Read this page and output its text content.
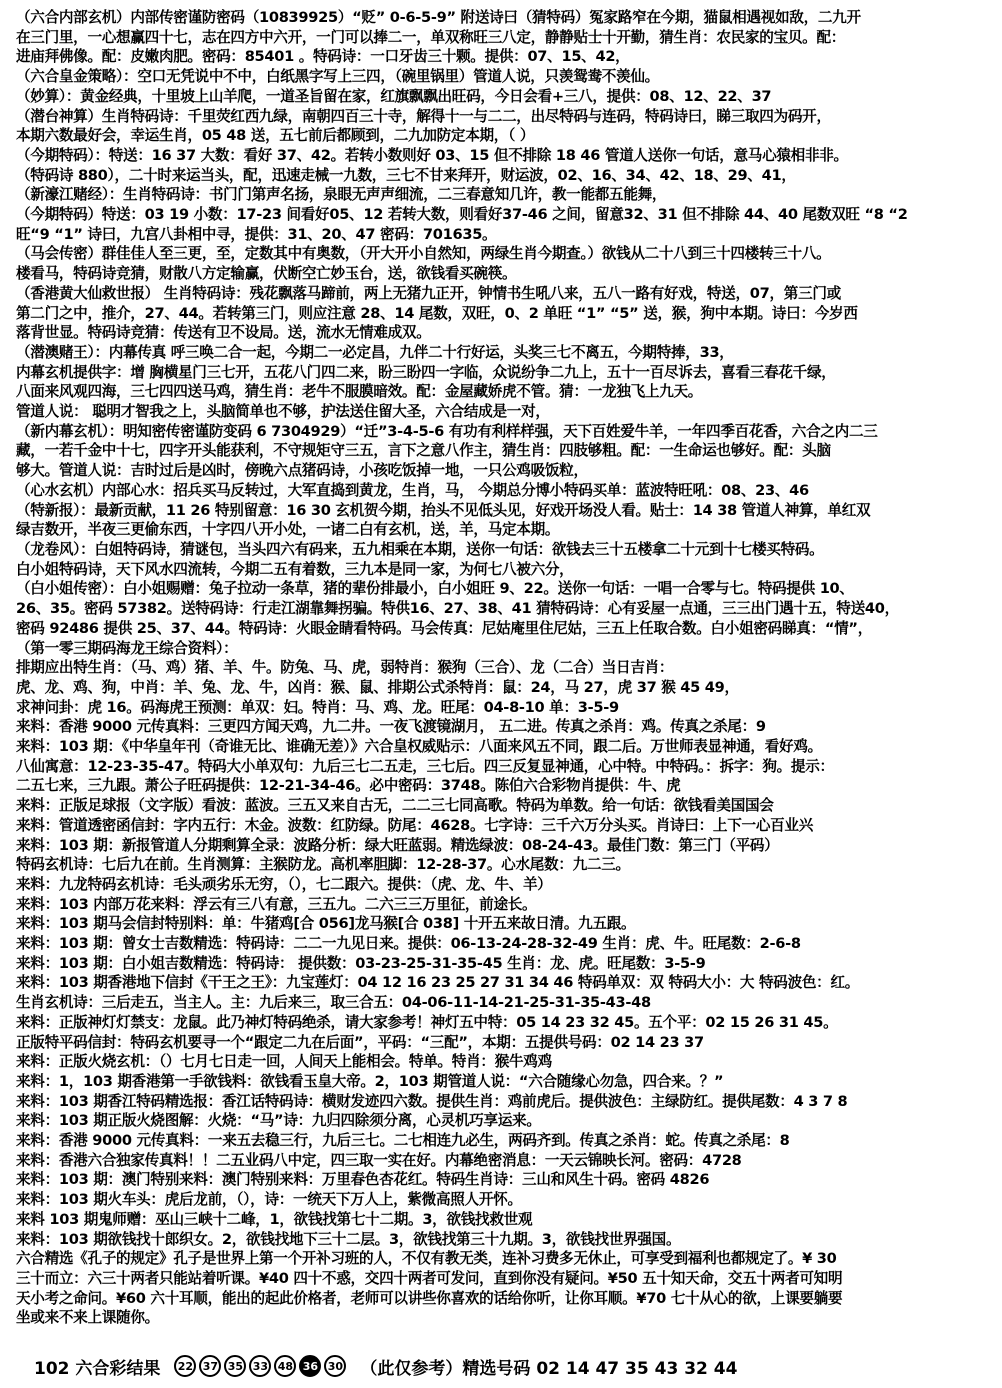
（六合内部玄机）内部传密谨防密码（10839925）“贬” 0-6-5-9” 附送诗曰（猜特码）冤家路窄在今期，猫鼠相遇视如敌，二九开
在三门里，一心想赢四十七，志在四方中六开，一门可以捧二一，单双称旺三八定，静静贴士十开勤，猜生肖：农民家的宝贝。配：
进庙拜佛像。配：皮嫩肉肥。密码：85401 。特码诗：一口牙齿三十颗。提供：07、15、42，
（六合皇金策略）：空口无凭说中不中，白纸黑字写上三四，（碗里锅里）管道人说，只羡鸳鸯不羡仙。
（妙算）：黄金经典，十里坡上山羊爬，一道圣旨留在家，红旗飘飘出旺码，今日会看+三八，提供：08、12、22、37
（潜台神算）生肖特码诗：千里荧红西九绿，南朝四百三十寺，解得十一与二二，出尽特码与连码，特码诗曰，睇三取四为码开，
本期六数最好会，幸运生肖，05 48 送，五七前后都顾到，二九加防定本期，（ ）
（今期特码）：特送：16 37 大数：看好 37、42。若转小数则好 03、15 但不排除 18 46 管道人送你一句话，意马心猿相非非。
（特码诗 880），二十时来运当头，配，迅速走械一九数，三七不甘来拜开，财运波，02、16、34、42、18、29、41，
（新濠江赌经）：生肖特码诗：书门门第声名扬，泉眼无声声细流，二三春意知几许，教一能都五能舞，
（今期特码）特送：03 19 小数：17-23 间看好05、12 若转大数，则看好37-46 之间，留意32、31 但不排除 44、40 尾数双旺 “8 “2
旺“9 “1” 诗曰，九宫八卦相中寻，提供：31、20、47 密码：701635。
（马会传密）群佳佳人至三更，至，定数其中有奥数，（开大开小自然知，两绿生肖今期查。）欲钱从二十八到三十四楼转三十八。
楼看马，特码诗竞猜，财散八方定输赢，伏断空亡妙玉台，送，欲钱看买碗筷。
（香港黄大仙救世报） 生肖特码诗：残花飘落马蹄前，两上无猪九正开，钟情书生吼八来，五八一路有好戏，特送，07，第三门或
第二门之中，推介，27、44。若转第三门，则应注意 28、14 尾数，双旺，0、2 单旺 “1” “5” 送，猴，狗中本期。诗曰：今岁西
落背世显。特码诗竞猜：传送有卫不设局。送，流水无情难成双。
（潜澳赌王）：内幕传真 呼三唤二合一起，今期二一必定昌，九伴二十行好运，头奖三七不离五，今期特捧，33，
内幕玄机提供字：增 胸横星门三七开，五花八门四二来，盼三盼四一字临，众说纷争二九上，五十一百尽诉去，喜看三春花千绿，
八面来风观四海，三七四四送马鸡，猜生肖：老牛不服膜暗效。配：金屋藏娇虎不管。猜：一龙独飞上九天。
管道人说： 聪明才智我之上，头脑简单也不够，护法送住留大圣，六合结成是一对，
（新内幕玄机）：明知密传密谨防变码 6 7304929）“迁”3-4-5-6 有功有利样样强，天下百姓爱牛羊，一年四季百花香，六合之内二三
藏，一若千金中十七，四字开头能获利，不守规矩守三五，言下之意八作主，猜生肖：四肢够粗。配：一生命运也够好。配：头脑
够大。管道人说：吉时过后是凶时，傍晚六点猪码诗，小孩吃饭掉一地，一只公鸡吸饭粒，
（心水玄机）内部心水：招兵买马反转过，大军直捣到黄龙，生肖，马， 今期总分博小特码买单：蓝波特旺吼：08、23、46
（特新报）：最新贡献，11 26 特别留意：16 30 玄机贺今期，抬头不见低头见，好戏开场没人看。贴士：14 38 管道人神算，单红双
绿吉数开，半夜三更偷东西，十字四八开小处，一诸二白有玄机，送，羊，马定本期。
（龙卷风）：白姐特码诗，猜谜包，当头四六有码来，五九相乘在本期，送你一句话：欲钱去三十五楼拿二十元到十七楼买特码。
白小姐特码诗，天下风水四流转，今期二五有着数，三九本是同一家，为何七八被六分，
（白小姐传密）：白小姐赐赠：兔子拉动一条草，猪的辈份排最小，白小姐旺 9、22。送你一句话：一唱一合零与七。特码提供 10、
26、35。密码 57382。送特码诗：行走江湖靠舞拐骗。特供16、27、38、41 猜特码诗：心有妥屋一点通，三三出门遇十五，特送40，
密码 92486 提供 25、37、44。特码诗：火眼金睛看特码。马会传真：尼姑庵里住尼姑，三五上任取合数。白小姐密码睇真：“情”，
（第一零三期码海龙王综合资料）：
排期应出特生肖：（马、鸡）猪、羊、牛。防兔、马、虎，弱特肖：猴狗（三合）、龙（二合）当日吉肖：
虎、龙、鸡、狗，中肖：羊、兔、龙、牛，凶肖：猴、鼠、排期公式杀特肖：鼠：24，马 27，虎 37 猴 45 49，
求神问卦：虎 16。码海虎王预测：单双：妇。特肖：马、鸡、龙。旺尾：04-8-10 单：3-5-9
来料：香港 9000 元传真料：三更四方闻天鸡，九二井。一夜飞渡镜湖月， 五二进。传真之杀肖：鸡。传真之杀尾：9
来料：103 期：《中华皇年刊（奇谁无比、谁确无差）》六合皇权威贴示：八面来风五不同，跟二后。万世师表显神通，看好鸡。
八仙寓意：12-23-35-47。特码大小单双句：九后三七二五走，三七后。四三反复显神通，心中特。中特码。：拆字：狗。提示：
二五七来，三九跟。萧公子旺码提供：12-21-34-46。必中密码：3748。陈伯六合彩物肖提供：牛、虎
来料：正版足球报（文字版）看波：蓝波。三五又来自古无，二二三七同高歌。特码为单数。给一句话：欲钱看美国国会
来料：管道透密函信封：字内五行：木金。波数：红防绿。防尾：4628。七字诗：三千六万分头买。肖诗曰：上下一心百业兴
来料：103 期：新报管道人分期剩算全录：波路分析：绿大旺蓝弱。精选绿波：08-24-43。最佳门数：第三门（平码）
特码玄机诗：七后九在前。生肖测算：主猴防龙。高机率胆脚：12-28-37。心水尾数：九二三。
来料：九龙特码玄机诗：毛头顽劣乐无穷，（），七二跟六。提供：（虎、龙、牛、羊）
来料：103 内部万花来料：浮云有三八有意，三五九。二六三三万里征，前途长。
来料：103 期马会信封特别料：单：牛猪鸡[合 056]龙马猴[合 038] 十开五来故日清。九五跟。
来料：103 期：曾女士吉数精选：特码诗：二二一九见日来。提供：06-13-24-28-32-49 生肖：虎、牛。旺尾数：2-6-8
来料：103 期：白小姐吉数精选：特码诗： 提供数：03-23-25-31-35-45 生肖：龙、虎。旺尾数：3-5-9
来料：103 期香港地下信封《干王之王》：九宝莲灯：04 12 16 23 25 27 31 34 46 特码单双：双 特码大小：大 特码波色：红。
生肖玄机诗：三后走五，当主人。主：九后来三，取三合五：04-06-11-14-21-25-31-35-43-48
来料：正版神灯灯禁支：龙鼠。此乃神灯特码绝杀，请大家参考！神灯五中特：05 14 23 32 45。五个平：02 15 26 31 45。
正版特平码信封：特码玄机要寻一个“跟定二九在后面”，平码：“三配”，本期：五提供号码：02 14 23 37
来料：正版火烧玄机：（）七月七日走一回，人间天上能相会。特单。特肖：猴牛鸡鸡
来料：1，103 期香港第一手欲钱料：欲钱看玉皇大帝。2，103 期管道人说：“六合随缘心勿急，四合来。？”
来料：103 期香江特码精选报：香江话特码诗：横财发迹四六数。提供生肖：鸡前虎后。提供波色：主绿防红。提供尾数：4 3 7 8
来料：103 期正版火烧图解：火烧：“马”诗：九归四除须分离，心灵机巧享运来。
来料：香港 9000 元传真料：一来五去稳三行，九后三七。二七相连九必生，两码齐到。传真之杀肖：蛇。传真之杀尾：8
来料：香港六合独家传真料！！二五业码八中定，四三取一实在好。内幕绝密消息：一天云锦映长河。密码：4728
来料：103 期：澳门特别来料：澳门特别来料：万里春色杏花红。特码生肖诗：三山和风生十码。密码 4826
来料：103 期火车头：虎后龙前，（），诗：一统天下万人上，紫微高照人开怀。
来料 103 期鬼师赠：巫山三峡十二峰，1，欲钱找第七十二期。3，欲钱找救世观
来料：103 期欲钱找十郎织女。2，欲钱找地下三十二层。3，欲钱找第三十九期。3，欲钱找世界强国。
六合精选《孔子的规定》孔子是世界上第一个开补习班的人，不仅有教无类，连补习费多无休止，可享受到福利也都规定了。¥ 30
三十而立：六三十两者只能站着听课。¥40 四十不惑，交四十两者可发问，直到你没有疑问。¥50 五十知天命，交五十两者可知明
天小考之命问。¥60 六十耳顺，能出的起此价格者，老师可以讲些你喜欢的话给你听，让你耳顺。¥70 七十从心的欲，上课要躺要
坐或来不来上课随你。
102 六合彩结果	22 37 35 33 48 36 30 （此仅参考）精选号码 02 14 47 35 43 32 44
